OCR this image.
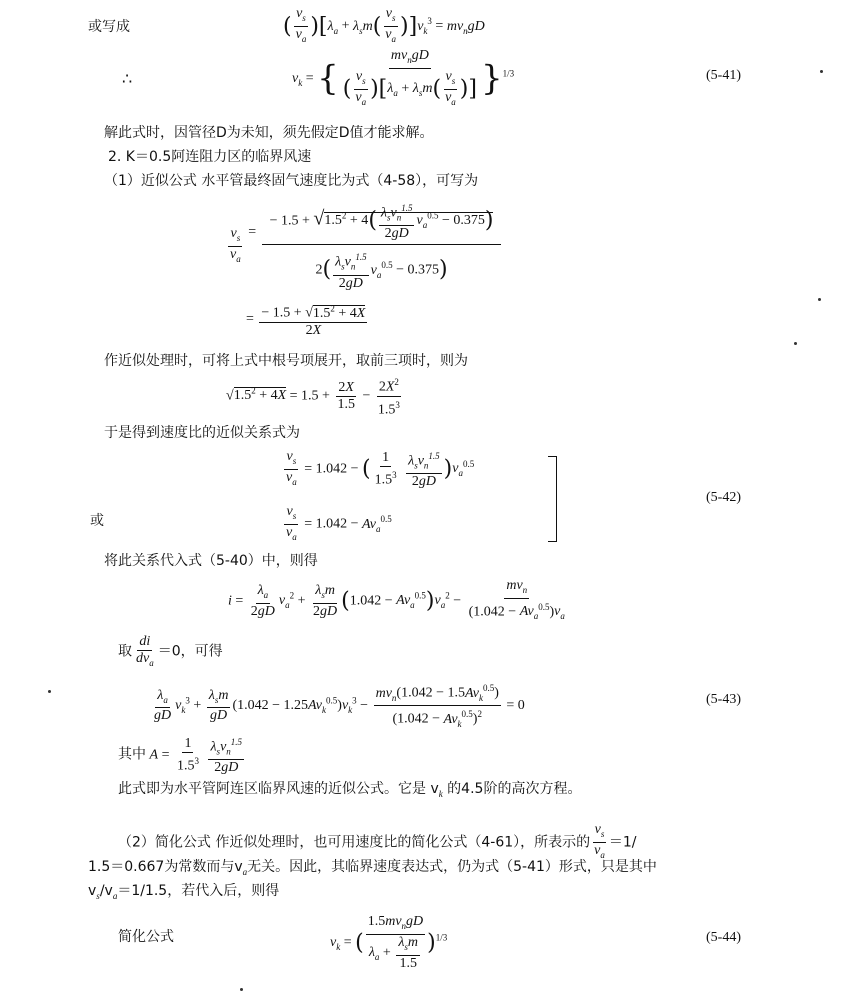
或写成	( $\frac{v_s}{v_a} )[\lambda_a + \lambda_sm( \frac{v_s}{v_a} )]v_k^3 = mv_ngD$
∴	$v_k$ = { $\frac{mv_ngD}{( \frac{v_s}{v_a} )[\lambda_a + \lambda_sm( \frac{v_s}{v_a} )]} \}^{1/3}$	(5-41)
解此式时，因管径D为未知，须先假定D值才能求解。
2. K＝0.5阿连阻力区的临界风速
（1）近似公式 水平管最终固气速度比为式（4-58），可写为
$\frac{v_s}{v_a} = \frac{- 1.5 + √1.5^2 + 4( \frac{\lambda_sv_n^{1.5}}{2gD} v_a^{0.5} - 0.375)}{2( \frac{\lambda_sv_n^{1.5}}{2gD} v_a^{0.5} - 0.375)}$
= $\frac{- 1.5 + √1.5^2 + 4X}{2X}$
作近似处理时，可将上式中根号项展开，取前三项时，则为
$√1.5^2 + 4X = 1.5 + \frac{2X}{1.5} - \frac{2X^2}{1.5^3}$
于是得到速度比的近似关系式为
$\frac{v_s}{v_a} = 1.042$ − ( $\frac{1}{1.5^3}$
$\frac{\lambda_sv_n^{1.5}}{2gD} )v_a^{0.5}$
或	$\frac{v_s}{v_a} = 1.042 - Av_a^{0.5}$
(5-42)
将此关系代入式（5-40）中，则得
$i = \frac{\lambda_a}{2gD} v_a^2 + \frac{\lambda_sm}{2gD} (1.042 - Av_a^{0.5})v_a^2 - \frac{mv_n}{(1.042 - Av_a^{0.5})v_a}$
取 $\frac{di}{dv_a} =0$，可得
$\frac{\lambda_a}{gD} v_k^3 + \frac{\lambda_sm}{gD} (1.042 - 1.25Av_k^{0.5})v_k^3 - \frac{mv_n(1.042 - 1.5Av_k^{0.5})}{(1.042 - Av_k^{0.5})^2} = 0$	(5-43)
其中 $A = \frac{1}{1.5^3}$
$\frac{\lambda_sv_n^{1.5}}{2gD}$
此式即为水平管阿连区临界风速的近似公式。它是 $v_k$ 的4.5阶的高次方程。
（2）简化公式 作近似处理时，也可用速度比的简化公式（4-61），所表示的 $\frac{v_s}{v_a} =1/$
1.5＝0.667为常数而与$v_a$无关。因此，其临界速度表达式，仍为式（5-41）形式，只是其中
$v_s/v_a=1/1.5$，若代入后，则得
简化公式	$v_k$ = ( $\frac{1.5mv_ngD}{\lambda_a + \frac{\lambda_sm}{1.5}} )^{1/3}$	(5-44)
